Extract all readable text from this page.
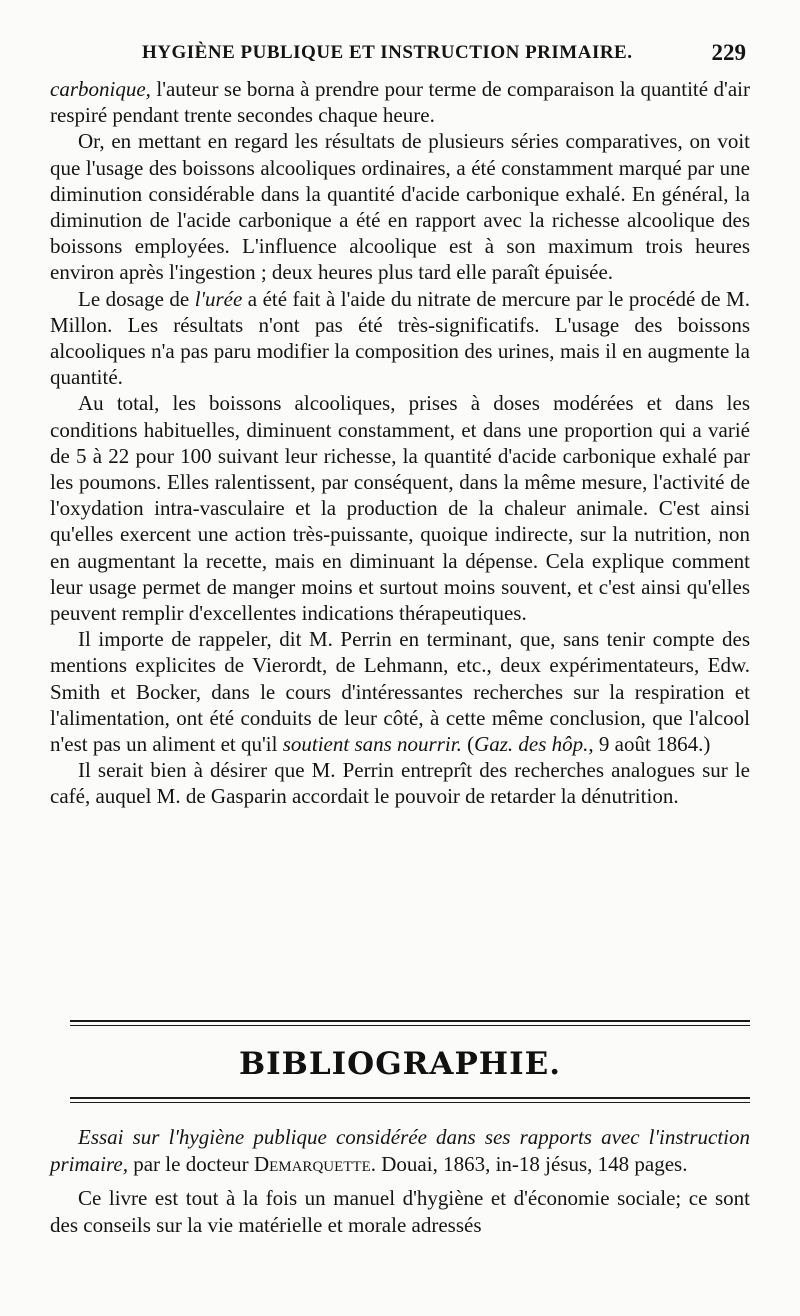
HYGIÈNE PUBLIQUE ET INSTRUCTION PRIMAIRE.	229

carbonique, l'auteur se borna à prendre pour terme de comparaison la quantité d'air respiré pendant trente secondes chaque heure.

Or, en mettant en regard les résultats de plusieurs séries comparatives, on voit que l'usage des boissons alcooliques ordinaires, a été constamment marqué par une diminution considérable dans la quantité d'acide carbonique exhalé. En général, la diminution de l'acide carbonique a été en rapport avec la richesse alcoolique des boissons employées. L'influence alcoolique est à son maximum trois heures environ après l'ingestion ; deux heures plus tard elle paraît épuisée.

Le dosage de l'urée a été fait à l'aide du nitrate de mercure par le procédé de M. Millon. Les résultats n'ont pas été très-significatifs. L'usage des boissons alcooliques n'a pas paru modifier la composition des urines, mais il en augmente la quantité.

Au total, les boissons alcooliques, prises à doses modérées et dans les conditions habituelles, diminuent constamment, et dans une proportion qui a varié de 5 à 22 pour 100 suivant leur richesse, la quantité d'acide carbonique exhalé par les poumons. Elles ralentissent, par conséquent, dans la même mesure, l'activité de l'oxydation intra-vasculaire et la production de la chaleur animale. C'est ainsi qu'elles exercent une action très-puissante, quoique indirecte, sur la nutrition, non en augmentant la recette, mais en diminuant la dépense. Cela explique comment leur usage permet de manger moins et surtout moins souvent, et c'est ainsi qu'elles peuvent remplir d'excellentes indications thérapeutiques.

Il importe de rappeler, dit M. Perrin en terminant, que, sans tenir compte des mentions explicites de Vierordt, de Lehmann, etc., deux expérimentateurs, Edw. Smith et Bocker, dans le cours d'intéressantes recherches sur la respiration et l'alimentation, ont été conduits de leur côté, à cette même conclusion, que l'alcool n'est pas un aliment et qu'il soutient sans nourrir. (Gaz. des hôp., 9 août 1864.)

Il serait bien à désirer que M. Perrin entreprît des recherches analogues sur le café, auquel M. de Gasparin accordait le pouvoir de retarder la dénutrition.

BIBLIOGRAPHIE.

Essai sur l'hygiène publique considérée dans ses rapports avec l'instruction primaire, par le docteur Demarquette. Douai, 1863, in-18 jésus, 148 pages.

Ce livre est tout à la fois un manuel d'hygiène et d'économie sociale; ce sont des conseils sur la vie matérielle et morale adressés
